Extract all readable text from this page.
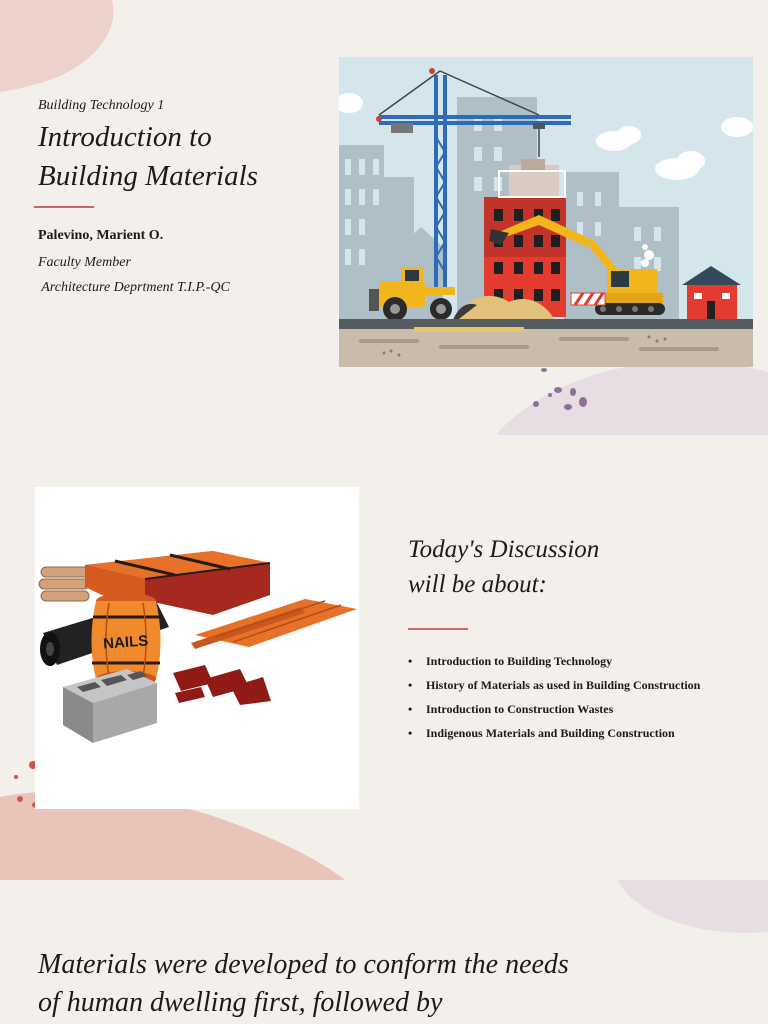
Building Technology 1
Introduction to
Building Materials
Palevino, Marient O.
Faculty Member
Architecture Deprtment T.I.P.-QC
NAILS
Today's Discussion
will be about:
• Introduction to Building Technology
• History of Materials as used in Building Construction
• Introduction to Construction Wastes
• Indigenous Materials and Building Construction
Materials were developed to conform the needs
of human dwelling first, followed by
